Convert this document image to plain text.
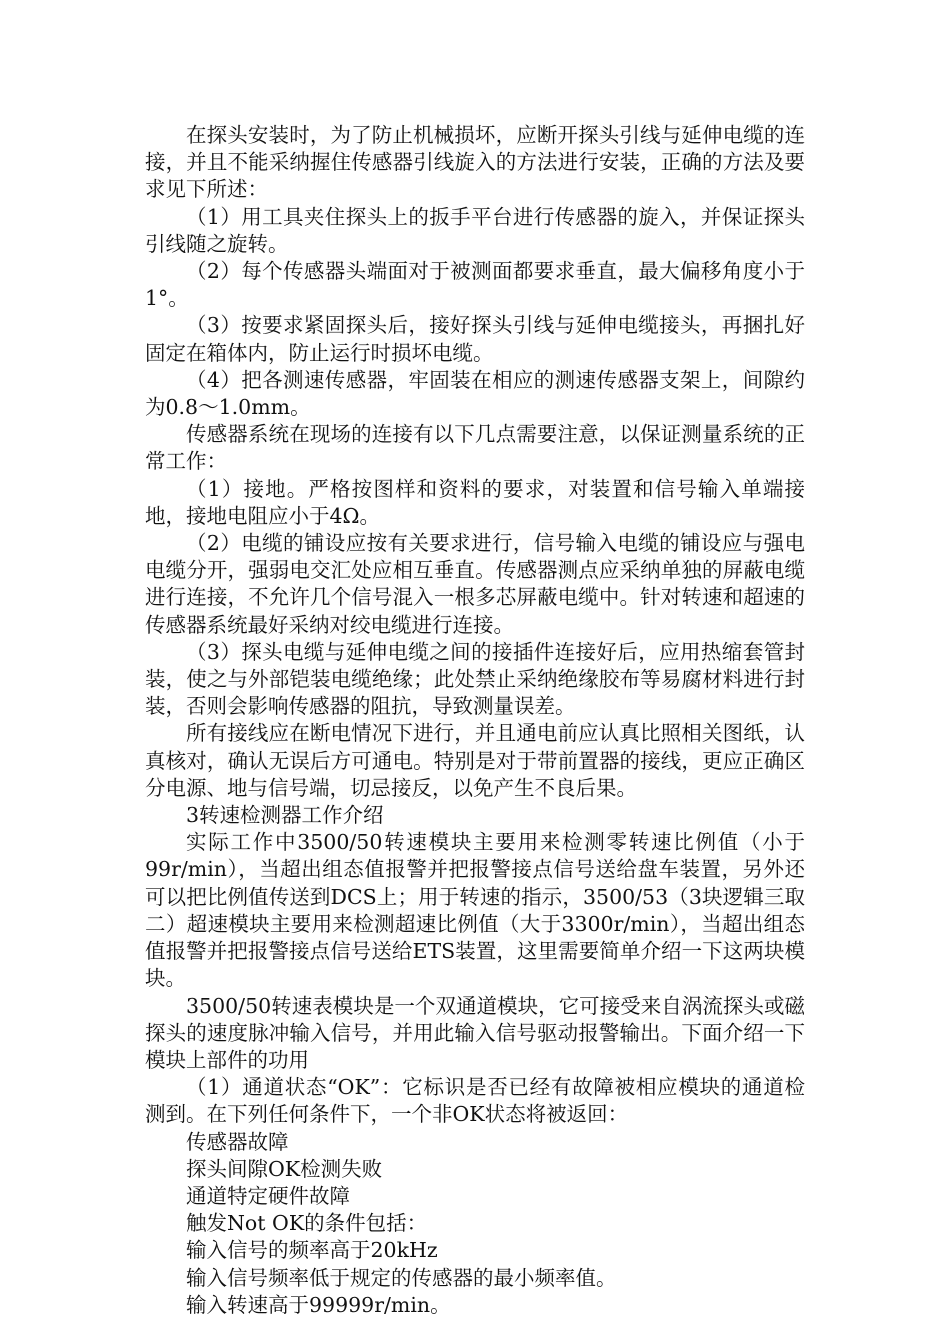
在探头安装时，为了防止机械损坏，应断开探头引线与延伸电缆的连接，并且不能采纳握住传感器引线旋入的方法进行安装，正确的方法及要求见下所述：

（1）用工具夹住探头上的扳手平台进行传感器的旋入，并保证探头引线随之旋转。

（2）每个传感器头端面对于被测面都要求垂直，最大偏移角度小于1°。

（3）按要求紧固探头后，接好探头引线与延伸电缆接头，再捆扎好固定在箱体内，防止运行时损坏电缆。

（4）把各测速传感器，牢固装在相应的测速传感器支架上，间隙约为0.8～1.0mm。

传感器系统在现场的连接有以下几点需要注意，以保证测量系统的正常工作：

（1）接地。严格按图样和资料的要求，对装置和信号输入单端接地，接地电阻应小于4Ω。

（2）电缆的铺设应按有关要求进行，信号输入电缆的铺设应与强电电缆分开，强弱电交汇处应相互垂直。传感器测点应采纳单独的屏蔽电缆进行连接，不允许几个信号混入一根多芯屏蔽电缆中。针对转速和超速的传感器系统最好采纳对绞电缆进行连接。

（3）探头电缆与延伸电缆之间的接插件连接好后，应用热缩套管封装，使之与外部铠装电缆绝缘；此处禁止采纳绝缘胶布等易腐材料进行封装，否则会影响传感器的阻抗，导致测量误差。

所有接线应在断电情况下进行，并且通电前应认真比照相关图纸，认真核对，确认无误后方可通电。特别是对于带前置器的接线，更应正确区分电源、地与信号端，切忌接反，以免产生不良后果。

3转速检测器工作介绍

实际工作中3500/50转速模块主要用来检测零转速比例值（小于99r/min），当超出组态值报警并把报警接点信号送给盘车装置，另外还可以把比例值传送到DCS上；用于转速的指示，3500/53（3块逻辑三取二）超速模块主要用来检测超速比例值（大于3300r/min），当超出组态值报警并把报警接点信号送给ETS装置，这里需要简单介绍一下这两块模块。

3500/50转速表模块是一个双通道模块，它可接受来自涡流探头或磁探头的速度脉冲输入信号，并用此输入信号驱动报警输出。下面介绍一下模块上部件的功用

（1）通道状态“OK”：它标识是否已经有故障被相应模块的通道检测到。在下列任何条件下，一个非OK状态将被返回：

传感器故障

探头间隙OK检测失败

通道特定硬件故障

触发Not OK的条件包括：

输入信号的频率高于20kHz

输入信号频率低于规定的传感器的最小频率值。

输入转速高于99999r/min。
